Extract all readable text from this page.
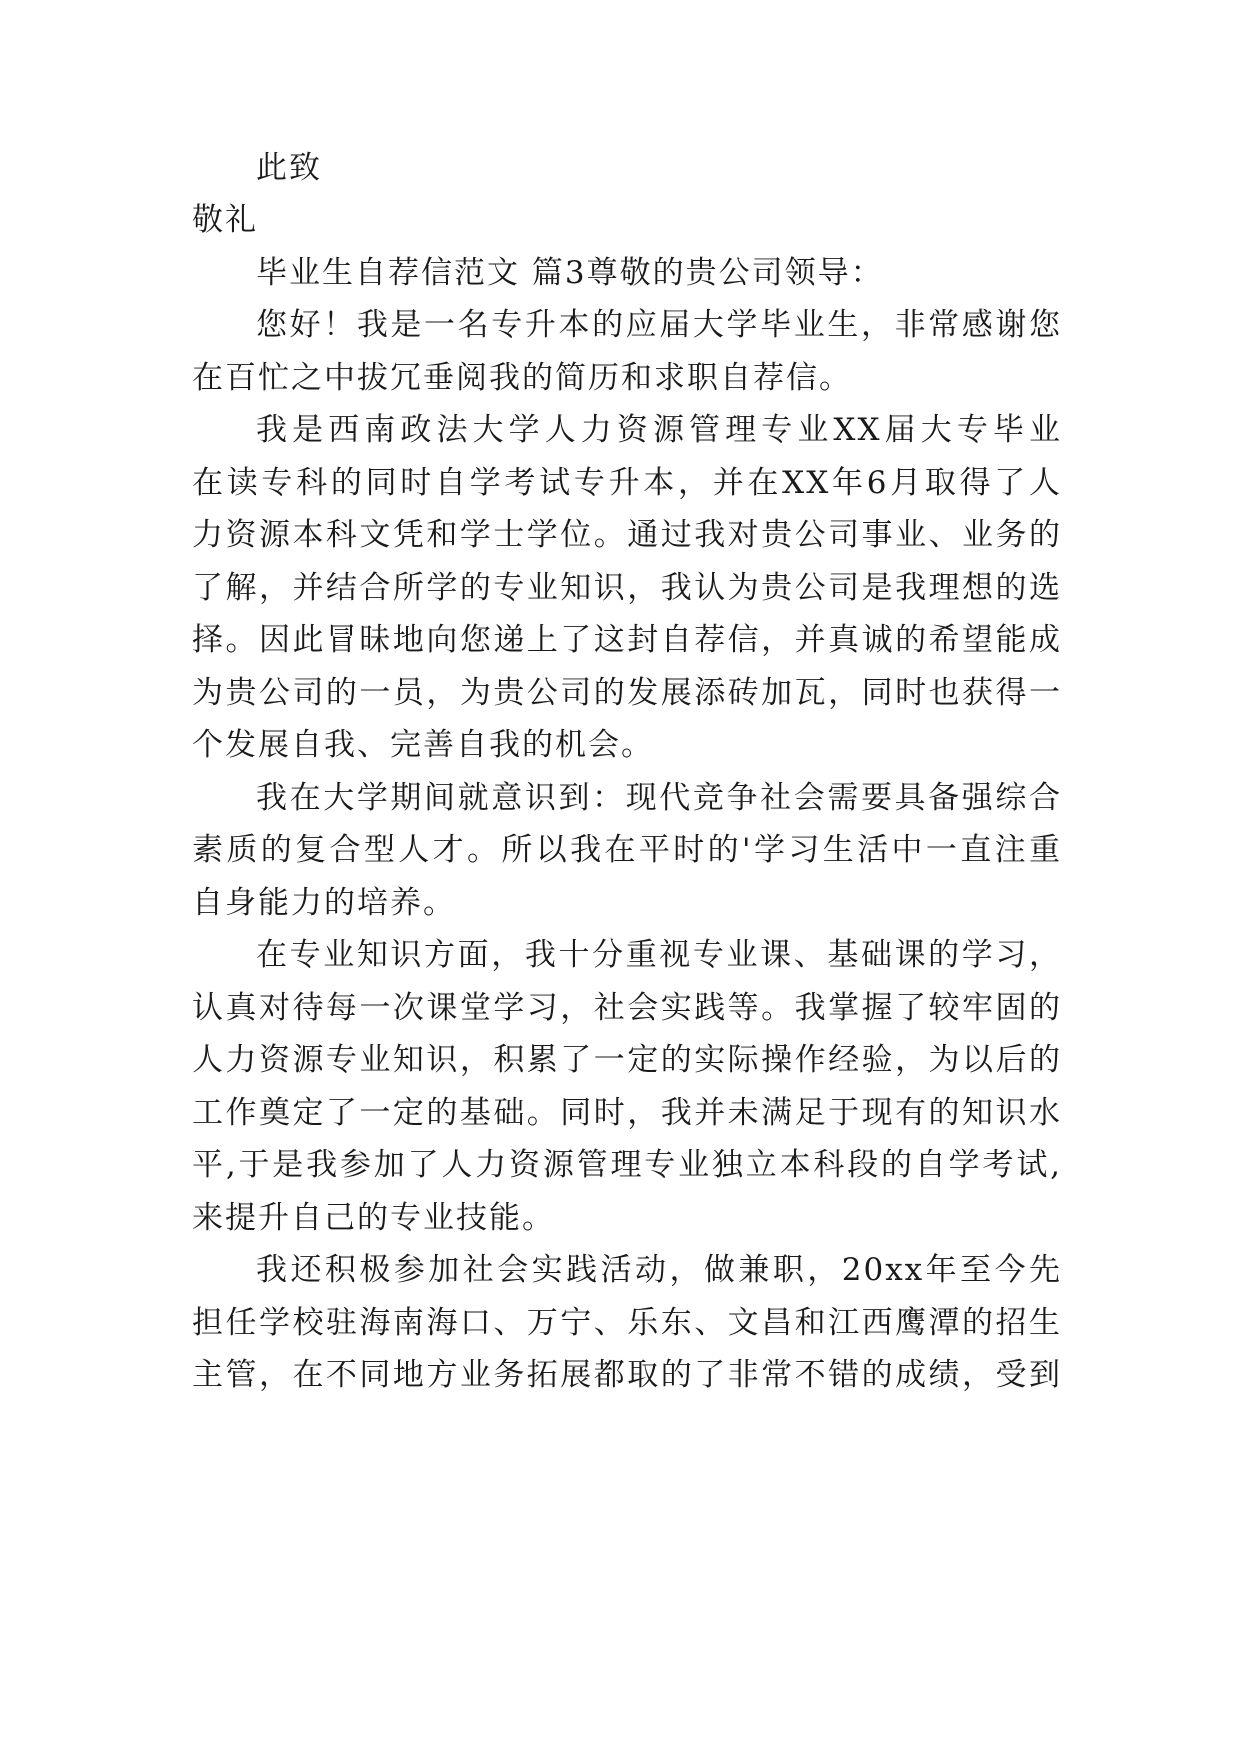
此致
敬礼
毕业生自荐信范文 篇3尊敬的贵公司领导：
您好！我是一名专升本的应届大学毕业生，非常感谢您
在百忙之中拔冗垂阅我的简历和求职自荐信。
我是西南政法大学人力资源管理专业XX届大专毕业
在读专科的同时自学考试专升本，并在XX年6月取得了人
力资源本科文凭和学士学位。通过我对贵公司事业、业务的
了解，并结合所学的专业知识，我认为贵公司是我理想的选
择。因此冒昧地向您递上了这封自荐信，并真诚的希望能成
为贵公司的一员，为贵公司的发展添砖加瓦，同时也获得一
个发展自我、完善自我的机会。
我在大学期间就意识到：现代竞争社会需要具备强综合
素质的复合型人才。所以我在平时的'学习生活中一直注重
自身能力的培养。
在专业知识方面，我十分重视专业课、基础课的学习，
认真对待每一次课堂学习，社会实践等。我掌握了较牢固的
人力资源专业知识，积累了一定的实际操作经验，为以后的
工作奠定了一定的基础。同时，我并未满足于现有的知识水
平,于是我参加了人力资源管理专业独立本科段的自学考试,
来提升自己的专业技能。
我还积极参加社会实践活动，做兼职，20xx年至今先
担任学校驻海南海口、万宁、乐东、文昌和江西鹰潭的招生
主管，在不同地方业务拓展都取的了非常不错的成绩，受到
